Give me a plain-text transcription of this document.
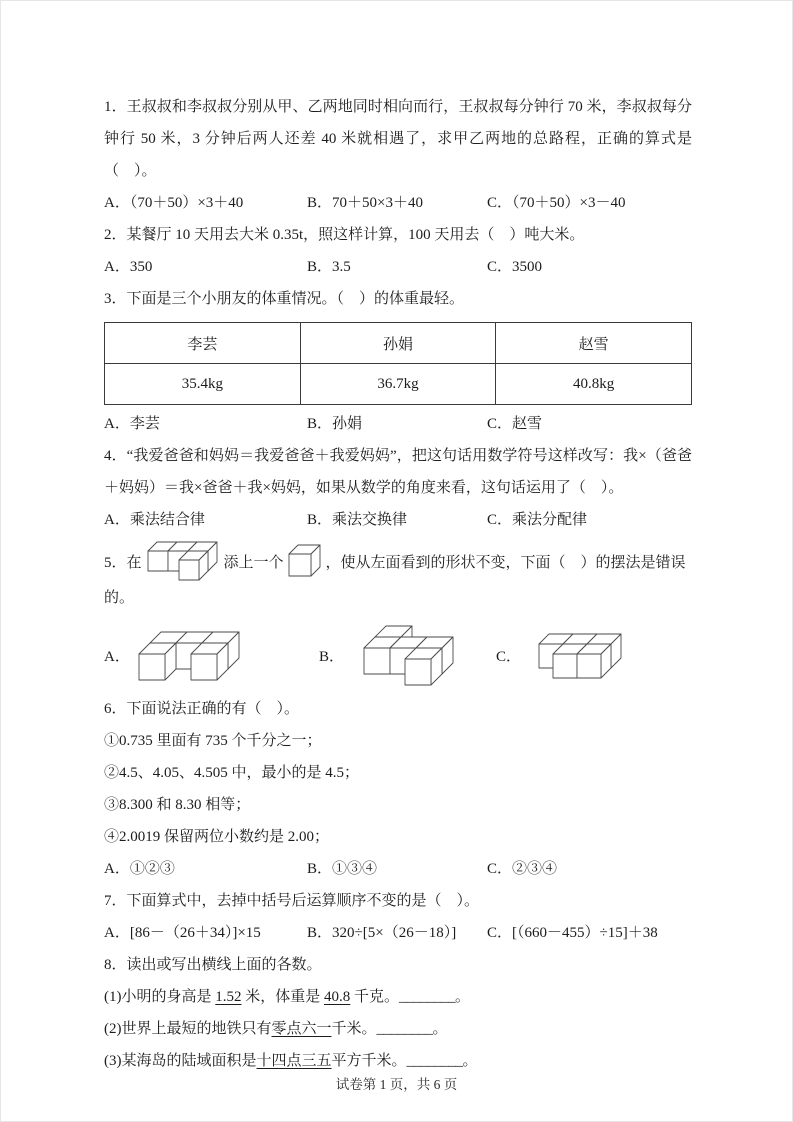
1．王叔叔和李叔叔分别从甲、乙两地同时相向而行，王叔叔每分钟行 70 米，李叔叔每分钟行 50 米，3 分钟后两人还差 40 米就相遇了，求甲乙两地的总路程，正确的算式是（　）。

A．（70＋50）×3＋40	B．70＋50×3＋40	C．（70＋50）×3－40

2．某餐厅 10 天用去大米 0.35t，照这样计算，100 天用去（　）吨大米。

A．350	B．3.5	C．3500

3．下面是三个小朋友的体重情况。（　）的体重最轻。

李芸	孙娟	赵雪
35.4kg	36.7kg	40.8kg
A．李芸	B．孙娟	C．赵雪

4．“我爱爸爸和妈妈＝我爱爸爸＋我爱妈妈”，把这句话用数学符号这样改写：我×（爸爸＋妈妈）＝我×爸爸＋我×妈妈，如果从数学的角度来看，这句话运用了（　）。

A．乘法结合律	B．乘法交换律	C．乘法分配律
5．在	添上一个	，使从左面看到的形状不变，下面（　）的摆法是错误

的。

A．	B．	C．

6．下面说法正确的有（　）。

①0.735 里面有 735 个千分之一；

②4.5、4.05、4.505 中，最小的是 4.5；

③8.300 和 8.30 相等；

④2.0019 保留两位小数约是 2.00；

A．①②③	B．①③④	C．②③④

7．下面算式中，去掉中括号后运算顺序不变的是（　）。

A．[86－（26＋34）]×15	B．320÷[5×（26－18）]	C．[（660－455）÷15]＋38

8．读出或写出横线上面的各数。

(1)小明的身高是 1.52 米，体重是 40.8 千克。________。

(2)世界上最短的地铁只有零点六一千米。________。

(3)某海岛的陆域面积是十四点三五平方千米。________。

试卷第 1 页，共 6 页
